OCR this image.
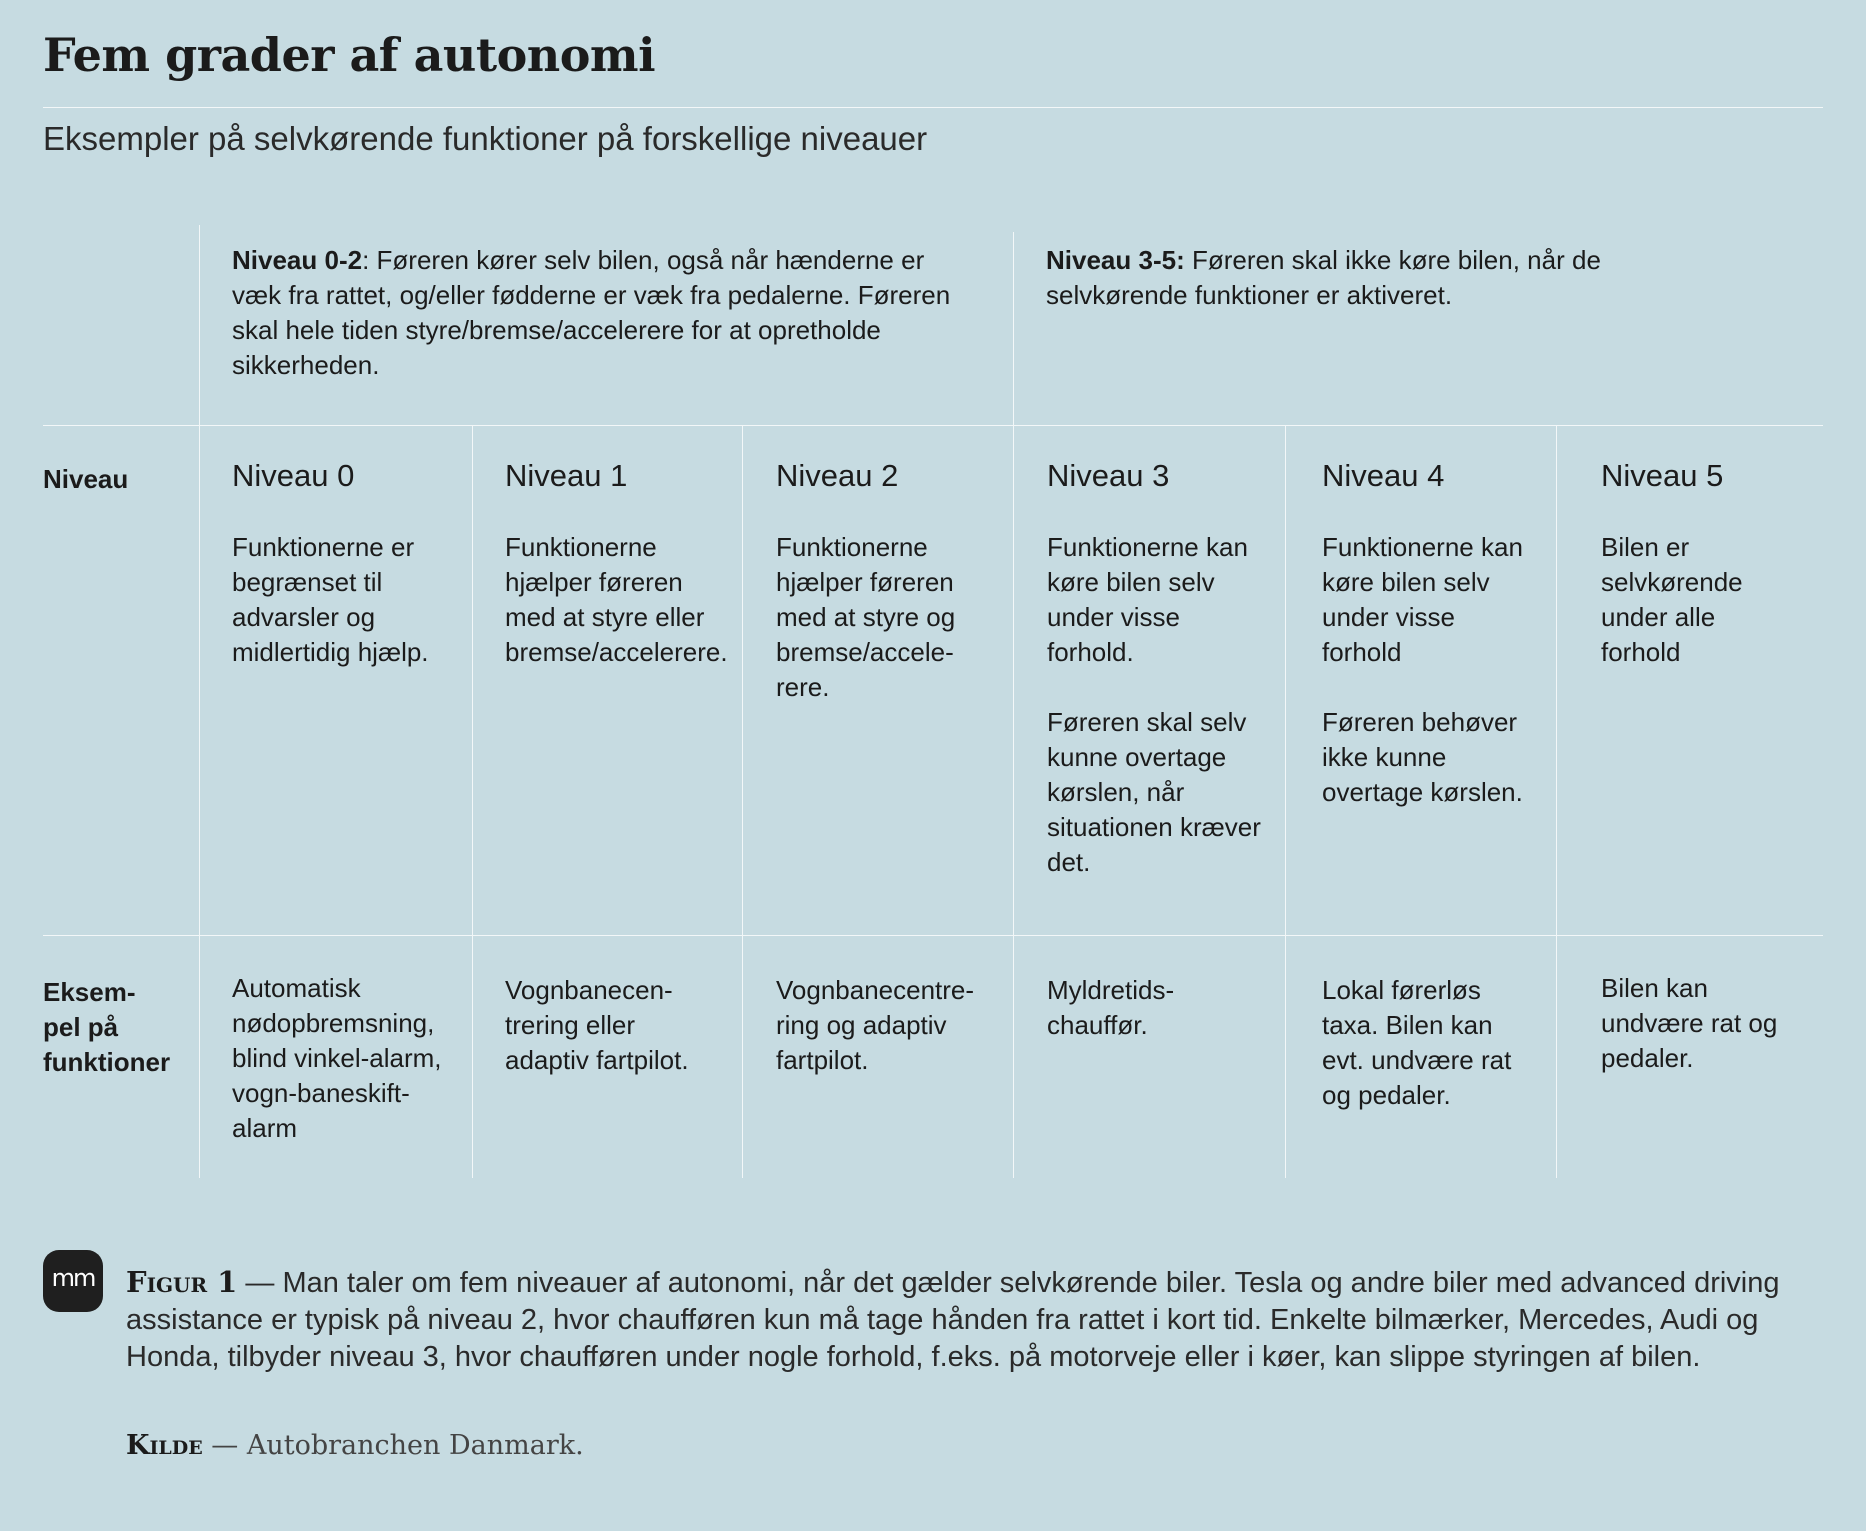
Fem grader af autonomi

Eksempler på selvkørende funktioner på forskellige niveauer

Niveau 0-2: Føreren kører selv bilen, også når hænderne er væk fra rattet, og/eller fødderne er væk fra pedalerne. Føreren skal hele tiden styre/bremse/accelerere for at opretholde sikkerheden.

Niveau 3-5: Føreren skal ikke køre bilen, når de selvkørende funktioner er aktiveret.

Niveau
Eksem-
pel på
funktioner
Niveau 0

Funktionerne er begrænset til advarsler og midlertidig hjælp.

Automatisk nødopbremsning, blind vinkel-alarm, vogn-baneskift-alarm
Niveau 1

Funktionerne hjælper føreren med at styre eller bremse/accelerere.

Vognbanecen-trering eller adaptiv fartpilot.
Niveau 2

Funktionerne hjælper føreren med at styre og bremse/accele-rere.

Vognbanecentre-ring og adaptiv fartpilot.
Niveau 3

Funktionerne kan køre bilen selv under visse forhold.

Føreren skal selv kunne overtage kørslen, når situationen kræver det.

Myldretids-chauffør.
Niveau 4

Funktionerne kan køre bilen selv under visse forhold

Føreren behøver ikke kunne overtage kørslen.

Lokal førerløs taxa. Bilen kan evt. undvære rat og pedaler.
Niveau 5

Bilen er selvkørende under alle forhold

Bilen kan undvære rat og pedaler.
mm Figur 1 — Man taler om fem niveauer af autonomi, når det gælder selvkørende biler. Tesla og andre biler med advanced driving assistance er typisk på niveau 2, hvor chaufføren kun må tage hånden fra rattet i kort tid. Enkelte bilmærker, Mercedes, Audi og Honda, tilbyder niveau 3, hvor chaufføren under nogle forhold, f.eks. på motorveje eller i køer, kan slippe styringen af bilen.

Kilde — Autobranchen Danmark.
